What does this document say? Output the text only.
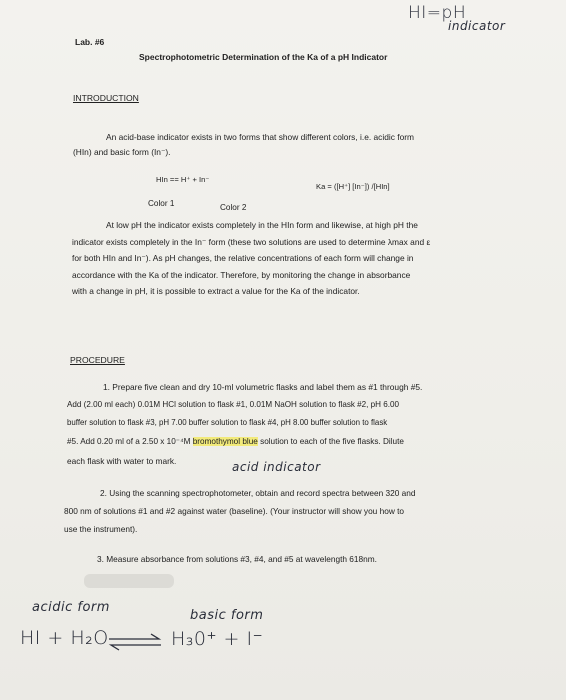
HI=pH
indicator
Lab. #6
Spectrophotometric Determination of the Ka of a pH Indicator
INTRODUCTION
An acid-base indicator exists in two forms that show different colors, i.e. acidic form
(HIn) and basic form (In⁻).
HIn == H⁺ + In⁻
Ka = ([H⁺] [In⁻]) /[HIn]
Color 1	Color 2
At low pH the indicator exists completely in the HIn form and likewise, at high pH the
indicator exists completely in the In⁻ form (these two solutions are used to determine λmax and ε
for both HIn and In⁻). As pH changes, the relative concentrations of each form will change in
accordance with the Ka of the indicator. Therefore, by monitoring the change in absorbance
with a change in pH, it is possible to extract a value for the Ka of the indicator.
PROCEDURE
1. Prepare five clean and dry 10-ml volumetric flasks and label them as #1 through #5.
Add (2.00 ml each) 0.01M HCl solution to flask #1, 0.01M NaOH solution to flask #2, pH 6.00
buffer solution to flask #3, pH 7.00 buffer solution to flask #4, pH 8.00 buffer solution to flask
#5. Add 0.20 ml of a 2.50 x 10⁻⁴M bromothymol blue solution to each of the five flasks. Dilute
each flask with water to mark.	acid indicator
2. Using the scanning spectrophotometer, obtain and record spectra between 320 and
800 nm of solutions #1 and #2 against water (baseline). (Your instructor will show you how to
use the instrument).
3. Measure absorbance from solutions #3, #4, and #5 at wavelength 618nm.
acidic form
basic form
HI + H₂O ⇌ H₃0⁺ + I⁻
